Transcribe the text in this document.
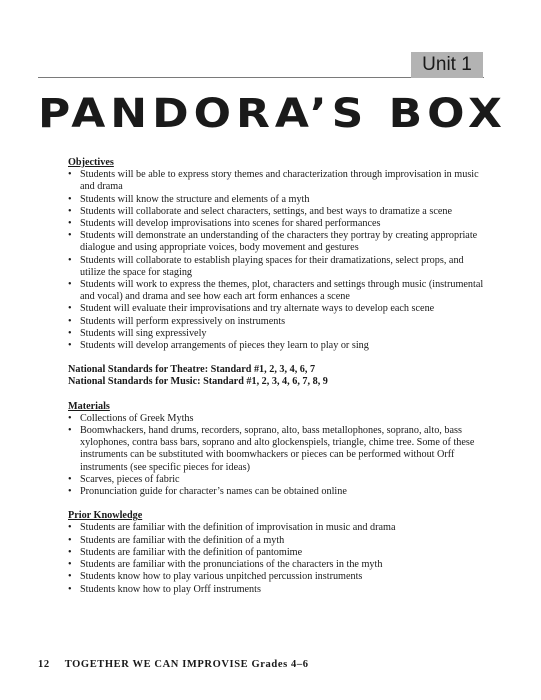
Unit 1
PANDORA’S BOX

Objectives

• Students will be able to express story themes and characterization through improvisation in music and drama
• Students will know the structure and elements of a myth
• Students will collaborate and select characters, settings, and best ways to dramatize a scene
• Students will develop improvisations into scenes for shared performances
• Students will demonstrate an understanding of the characters they portray by creating appropriate dialogue and using appropriate voices, body movement and gestures
• Students will collaborate to establish playing spaces for their dramatizations, select props, and utilize the space for staging
• Students will work to express the themes, plot, characters and settings through music (instrumental and vocal) and drama and see how each art form enhances a scene
• Student will evaluate their improvisations and try alternate ways to develop each scene
• Students will perform expressively on instruments
• Students will sing expressively
• Students will develop arrangements of pieces they learn to play or sing

National Standards for Theatre: Standard #1, 2, 3, 4, 6, 7

National Standards for Music: Standard #1, 2, 3, 4, 6, 7, 8, 9

Materials

• Collections of Greek Myths
• Boomwhackers, hand drums, recorders, soprano, alto, bass metallophones, soprano, alto, bass xylophones, contra bass bars, soprano and alto glockenspiels, triangle, chime tree. Some of these instruments can be substituted with boomwhackers or pieces can be performed without Orff instruments (see specific pieces for ideas)
• Scarves, pieces of fabric
• Pronunciation guide for character’s names can be obtained online

Prior Knowledge

• Students are familiar with the definition of improvisation in music and drama
• Students are familiar with the definition of a myth
• Students are familiar with the definition of pantomime
• Students are familiar with the pronunciations of the characters in the myth
• Students know how to play various unpitched percussion instruments
• Students know how to play Orff instruments
12 TOGETHER WE CAN IMPROVISE Grades 4–6
